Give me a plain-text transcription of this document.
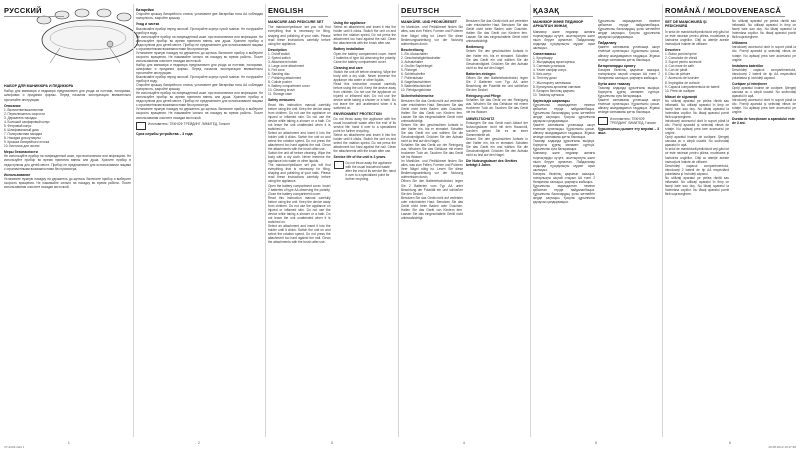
РУССКИЙ
НАБОР ДЛЯ МАНИКЮРА И ПЕДИКЮРА

Набор для маникюра и педикюра предназначен для ухода за ногтями, полировки, шлифовки и придания формы. Перед началом эксплуатации внимательно прочитайте инструкцию.

Описание
1. Включение/выключение
2. Переключатель скорости
3. Держатель насадок
4. Большой сапфировый конус
5. Фетровый конус
6. Шлифовальный диск
7. Полировочная насадка
8. Насадка для кутикулы
9. Крышка батарейного отсека
10. Кисточка для чистки
Меры безопасности

Не используйте прибор на поврежденной коже, при воспалениях или инфекциях. Не используйте прибор во время принятия ванны или душа. Храните прибор в недоступном для детей месте. Прибор не предназначен для использования лицами с ограниченными возможностями без присмотра.

Использование

Установите нужную насадку на держатель до щелчка. Включите прибор и выберите скорость вращения. Не нажимайте сильно на насадку во время работы. После использования очистите насадки кисточкой.

Батарейки

Откройте крышку батарейного отсека, установите две батарейки типа АА соблюдая полярность, закройте крышку.

Уход и чистка

Выключайте прибор перед чисткой. Протирайте корпус сухой тканью. Не погружайте прибор в воду.

Не используйте прибор на поврежденной коже, при воспалениях или инфекциях. Не используйте прибор во время принятия ванны или душа. Храните прибор в недоступном для детей месте. Прибор не предназначен для использования лицами с ограниченными возможностями без присмотра.

Установите нужную насадку на держатель до щелчка. Включите прибор и выберите скорость вращения. Не нажимайте сильно на насадку во время работы. После использования очистите насадки кисточкой.

Набор для маникюра и педикюра предназначен для ухода за ногтями, полировки, шлифовки и придания формы. Перед началом эксплуатации внимательно прочитайте инструкцию.

Выключайте прибор перед чисткой. Протирайте корпус сухой тканью. Не погружайте прибор в воду.

Откройте крышку батарейного отсека, установите две батарейки типа АА соблюдая полярность, закройте крышку.

Не используйте прибор на поврежденной коже, при воспалениях или инфекциях. Не используйте прибор во время принятия ванны или душа. Храните прибор в недоступном для детей месте. Прибор не предназначен для использования лицами с ограниченными возможностями без присмотра.

Установите нужную насадку на держатель до щелчка. Включите прибор и выберите скорость вращения. Не нажимайте сильно на насадку во время работы. После использования очистите насадки кисточкой.

Изготовитель: ТЕКНОФ ТРЕЙДИНГ ЛИМИТЕД, Гонконг
Срок службы устройства – 3 года
ENGLISH
MANICURE AND PEDICURE SET

The manicure/pedicure set you will find everything that is necessary for filing, shaping and polishing of your nails. Please read these instructions carefully before using the appliance.

Description
1. On/off switch
2. Speed switch
3. Attachment holder
4. Large cone attachment
5. Felt cone
6. Sanding disc
7. Polishing attachment
8. Cuticle pusher
9. Battery compartment cover
10. Cleaning brush
11. Storage case
Safety measures

Read this instruction manual carefully before using the unit. Keep the device away from children. Do not use the appliance on injured or inflamed skin. Do not use the device while taking a shower or a bath. Do not leave the unit unattended when it is switched on.

Select an attachment and insert it into the holder until it clicks. Switch the unit on and select the rotation speed. Do not press the attachment too hard against the nail. Clean the attachments with the brush after use.

Switch the unit off before cleaning. Wipe the body with a dry cloth. Never immerse the appliance into water or other liquids.

The manicure/pedicure set you will find everything that is necessary for filing, shaping and polishing of your nails. Please read these instructions carefully before using the appliance.

Open the battery compartment cover. Insert 2 batteries of type AA observing the polarity. Close the battery compartment cover.

Read this instruction manual carefully before using the unit. Keep the device away from children. Do not use the appliance on injured or inflamed skin. Do not use the device while taking a shower or a bath. Do not leave the unit unattended when it is switched on.

Select an attachment and insert it into the holder until it clicks. Switch the unit on and select the rotation speed. Do not press the attachment too hard against the nail. Clean the attachments with the brush after use.

Using the appliance

Select an attachment and insert it into the holder until it clicks. Switch the unit on and select the rotation speed. Do not press the attachment too hard against the nail. Clean the attachments with the brush after use.

Battery installation

Open the battery compartment cover. Insert 2 batteries of type AA observing the polarity. Close the battery compartment cover.

Cleaning and care

Switch the unit off before cleaning. Wipe the body with a dry cloth. Never immerse the appliance into water or other liquids.

Read this instruction manual carefully before using the unit. Keep the device away from children. Do not use the appliance on injured or inflamed skin. Do not use the device while taking a shower or a bath. Do not leave the unit unattended when it is switched on.

ENVIRONMENT PROTECTION

Do not throw away the appliance with the usual household waste after the end of its service life; hand it over to a specialized point for further recycling.

Select an attachment and insert it into the holder until it clicks. Switch the unit on and select the rotation speed. Do not press the attachment too hard against the nail. Clean the attachments with the brush after use.

Service life of the unit is 3 years.
Do not throw away the appliance with the usual household waste after the end of its service life; hand it over to a specialized point for further recycling.
DEUTSCH
MANIKÜRE- UND PEDIKÜRESET

Im Maniküre- und Pediküreset finden Sie alles, was zum Feilen, Formen und Polieren Ihrer Nägel nötig ist. Lesen Sie diese Bedienungsanleitung vor der Nutzung aufmerksam durch.

Beschreibung
1. Ein-/Ausschalter
2. Geschwindigkeitsschalter
3. Aufsatzhalter
4. Großer Saphirkegel
5. Filzkegel
6. Schleifscheibe
7. Polieraufsatz
8. Nagelhautschieber
9. Batteriefachdeckel
10. Reinigungsbürste
Sicherheitshinweise

Benutzen Sie das Gerät nicht auf verletzter oder entzündeter Haut. Benutzen Sie das Gerät nicht beim Baden oder Duschen. Halten Sie das Gerät von Kindern fern. Lassen Sie das eingeschaltete Gerät nicht unbeaufsichtigt.

Setzen Sie den gewünschten Aufsatz in den Halter ein, bis er einrastet. Schalten Sie das Gerät ein und wählen Sie die Geschwindigkeit. Drücken Sie den Aufsatz nicht zu fest auf den Nagel.

Schalten Sie das Gerät vor der Reinigung aus. Wischen Sie das Gehäuse mit einem trockenen Tuch ab. Tauchen Sie das Gerät nie ins Wasser.

Im Maniküre- und Pediküreset finden Sie alles, was zum Feilen, Formen und Polieren Ihrer Nägel nötig ist. Lesen Sie diese Bedienungsanleitung vor der Nutzung aufmerksam durch.

Öffnen Sie den Batteriefachdeckel, legen Sie 2 Batterien vom Typ AA unter Beachtung der Polarität ein und schließen Sie den Deckel.

Benutzen Sie das Gerät nicht auf verletzter oder entzündeter Haut. Benutzen Sie das Gerät nicht beim Baden oder Duschen. Halten Sie das Gerät von Kindern fern. Lassen Sie das eingeschaltete Gerät nicht unbeaufsichtigt.

Benutzen Sie das Gerät nicht auf verletzter oder entzündeter Haut. Benutzen Sie das Gerät nicht beim Baden oder Duschen. Halten Sie das Gerät von Kindern fern. Lassen Sie das eingeschaltete Gerät nicht unbeaufsichtigt.

Bedienung

Setzen Sie den gewünschten Aufsatz in den Halter ein, bis er einrastet. Schalten Sie das Gerät ein und wählen Sie die Geschwindigkeit. Drücken Sie den Aufsatz nicht zu fest auf den Nagel.

Batterien einlegen

Öffnen Sie den Batteriefachdeckel, legen Sie 2 Batterien vom Typ AA unter Beachtung der Polarität ein und schließen Sie den Deckel.

Reinigung und Pflege

Schalten Sie das Gerät vor der Reinigung aus. Wischen Sie das Gehäuse mit einem trockenen Tuch ab. Tauchen Sie das Gerät nie ins Wasser.

UMWELTSCHUTZ

Entsorgen Sie das Gerät nach Ablauf der Nutzungsdauer nicht mit dem Hausmüll, sondern geben Sie es an einer Sammelstelle ab.

Setzen Sie den gewünschten Aufsatz in den Halter ein, bis er einrastet. Schalten Sie das Gerät ein und wählen Sie die Geschwindigkeit. Drücken Sie den Aufsatz nicht zu fest auf den Nagel.

Die Nutzungsdauer des Gerätes beträgt 3 Jahre.
ҚАЗАҚ
МАНИКЮР ЖӘНЕ ПЕДИКЮР АРНАЛҒАН ЖИНАҚ

Маникюр және педикюр жинағы тырнақтарды күтуге, жылтыратуға және пішін беруге арналған. Пайдаланар алдында нұсқаулықты мұқият оқып шығыңыз.

Сипаттамасы
1. Қосу/өшіру
2. Жылдамдық ауыстырғыш
3. Саптама ұстағышы
4. Үлкен сапфир конус
5. Киіз конус
6. Тегістеу дискі
7. Жылтырату саптамасы
8. Кутикулаға арналған саптама
9. Батарея бөлігінің қақпағы
10. Тазалау щеткасы
Қауіпсіздік шаралары

Құрылғыны зақымдалған немесе қабынған теріде пайдаланбаңыз. Құрылғыны балалардың қолы жетпейтін жерде сақтаңыз. Қосулы құрылғыны қараусыз қалдырмаңыз.

Қажетті саптаманы ұстағышқа шырт еткенше орнатыңыз. Құрылғыны қосып, айналу жылдамдығын таңдаңыз. Жұмыс кезінде саптаманы қатты баспаңыз.

Тазалар алдында құрылғыны өшіріңіз. Корпусты құрғақ матамен сүртіңіз. Құрылғыны суға батырмаңыз.

Маникюр және педикюр жинағы тырнақтарды күтуге, жылтыратуға және пішін беруге арналған. Пайдаланар алдында нұсқаулықты мұқият оқып шығыңыз.

Батарея бөлігінің қақпағын ашыңыз, полярлықты сақтай отырып АА типті 2 батареяны салыңыз, қақпақты жабыңыз.

Құрылғыны зақымдалған немесе қабынған теріде пайдаланбаңыз. Құрылғыны балалардың қолы жетпейтін жерде сақтаңыз. Қосулы құрылғыны қараусыз қалдырмаңыз.

Құрылғыны зақымдалған немесе қабынған теріде пайдаланбаңыз. Құрылғыны балалардың қолы жетпейтін жерде сақтаңыз. Қосулы құрылғыны қараусыз қалдырмаңыз.

Пайдалану

Қажетті саптаманы ұстағышқа шырт еткенше орнатыңыз. Құрылғыны қосып, айналу жылдамдығын таңдаңыз. Жұмыс кезінде саптаманы қатты баспаңыз.

Батареяларды орнату

Батарея бөлігінің қақпағын ашыңыз, полярлықты сақтай отырып АА типті 2 батареяны салыңыз, қақпақты жабыңыз.

Күтім және тазалау

Тазалар алдында құрылғыны өшіріңіз. Корпусты құрғақ матамен сүртіңіз. Құрылғыны суға батырмаңыз.

Қажетті саптаманы ұстағышқа шырт еткенше орнатыңыз. Құрылғыны қосып, айналу жылдамдығын таңдаңыз. Жұмыс кезінде саптаманы қатты баспаңыз.

Изготовитель: ТЕКНОФ ТРЕЙДИНГ ЛИМИТЕД, Гонконг
Құрылғының қызмет ету мерзімі – 3 жыл.
ROMÂNĂ / MOLDOVENEASCĂ
SET DE MANICHIURĂ ŞI PEDICHIURĂ

În setul de manichiură/pedichiură veţi găsi tot ce este necesar pentru pilirea, modelarea şi lustruirea unghiilor. Citiţi cu atenţie aceste instrucţiuni înainte de utilizare.

Descriere
1. Buton pornire/oprire
2. Comutator de viteză
3. Suport pentru accesorii
4. Con mare de safir
5. Con de pâslă
6. Disc de şlefuire
7. Accesoriu de lustruire
8. Împingător de cuticule
9. Capacul compartimentului de baterii
10. Perie de curăţare
Măsuri de siguranţă

Nu utilizaţi aparatul pe pielea rănită sau inflamată. Nu utilizaţi aparatul în timp ce faceţi baie sau duş. Nu lăsaţi aparatul la îndemâna copiilor. Nu lăsaţi aparatul pornit fără supraveghere.

Introduceţi accesoriul dorit în suport până la clic. Porniţi aparatul şi selectaţi viteza de rotaţie. Nu apăsaţi prea tare accesoriul pe unghie.

Opriţi aparatul înainte de curăţare. Ştergeţi carcasa cu o cârpă uscată. Nu scufundaţi aparatul în apă.

În setul de manichiură/pedichiură veţi găsi tot ce este necesar pentru pilirea, modelarea şi lustruirea unghiilor. Citiţi cu atenţie aceste instrucţiuni înainte de utilizare.

Deschideţi capacul compartimentului, introduceţi 2 baterii de tip AA respectând polaritatea şi închideţi capacul.

Nu utilizaţi aparatul pe pielea rănită sau inflamată. Nu utilizaţi aparatul în timp ce faceţi baie sau duş. Nu lăsaţi aparatul la îndemâna copiilor. Nu lăsaţi aparatul pornit fără supraveghere.

Nu utilizaţi aparatul pe pielea rănită sau inflamată. Nu utilizaţi aparatul în timp ce faceţi baie sau duş. Nu lăsaţi aparatul la îndemâna copiilor. Nu lăsaţi aparatul pornit fără supraveghere.

Utilizarea

Introduceţi accesoriul dorit în suport până la clic. Porniţi aparatul şi selectaţi viteza de rotaţie. Nu apăsaţi prea tare accesoriul pe unghie.

Instalarea bateriilor

Deschideţi capacul compartimentului, introduceţi 2 baterii de tip AA respectând polaritatea şi închideţi capacul.

Curăţare şi întreţinere

Opriţi aparatul înainte de curăţare. Ştergeţi carcasa cu o cârpă uscată. Nu scufundaţi aparatul în apă.

Introduceţi accesoriul dorit în suport până la clic. Porniţi aparatul şi selectaţi viteza de rotaţie. Nu apăsaţi prea tare accesoriul pe unghie.

Durata de funcţionare a aparatului este de 3 ani.
1	2	3	4	5	6
VT-2203.indd 1	26.08.2013 16:47:28
